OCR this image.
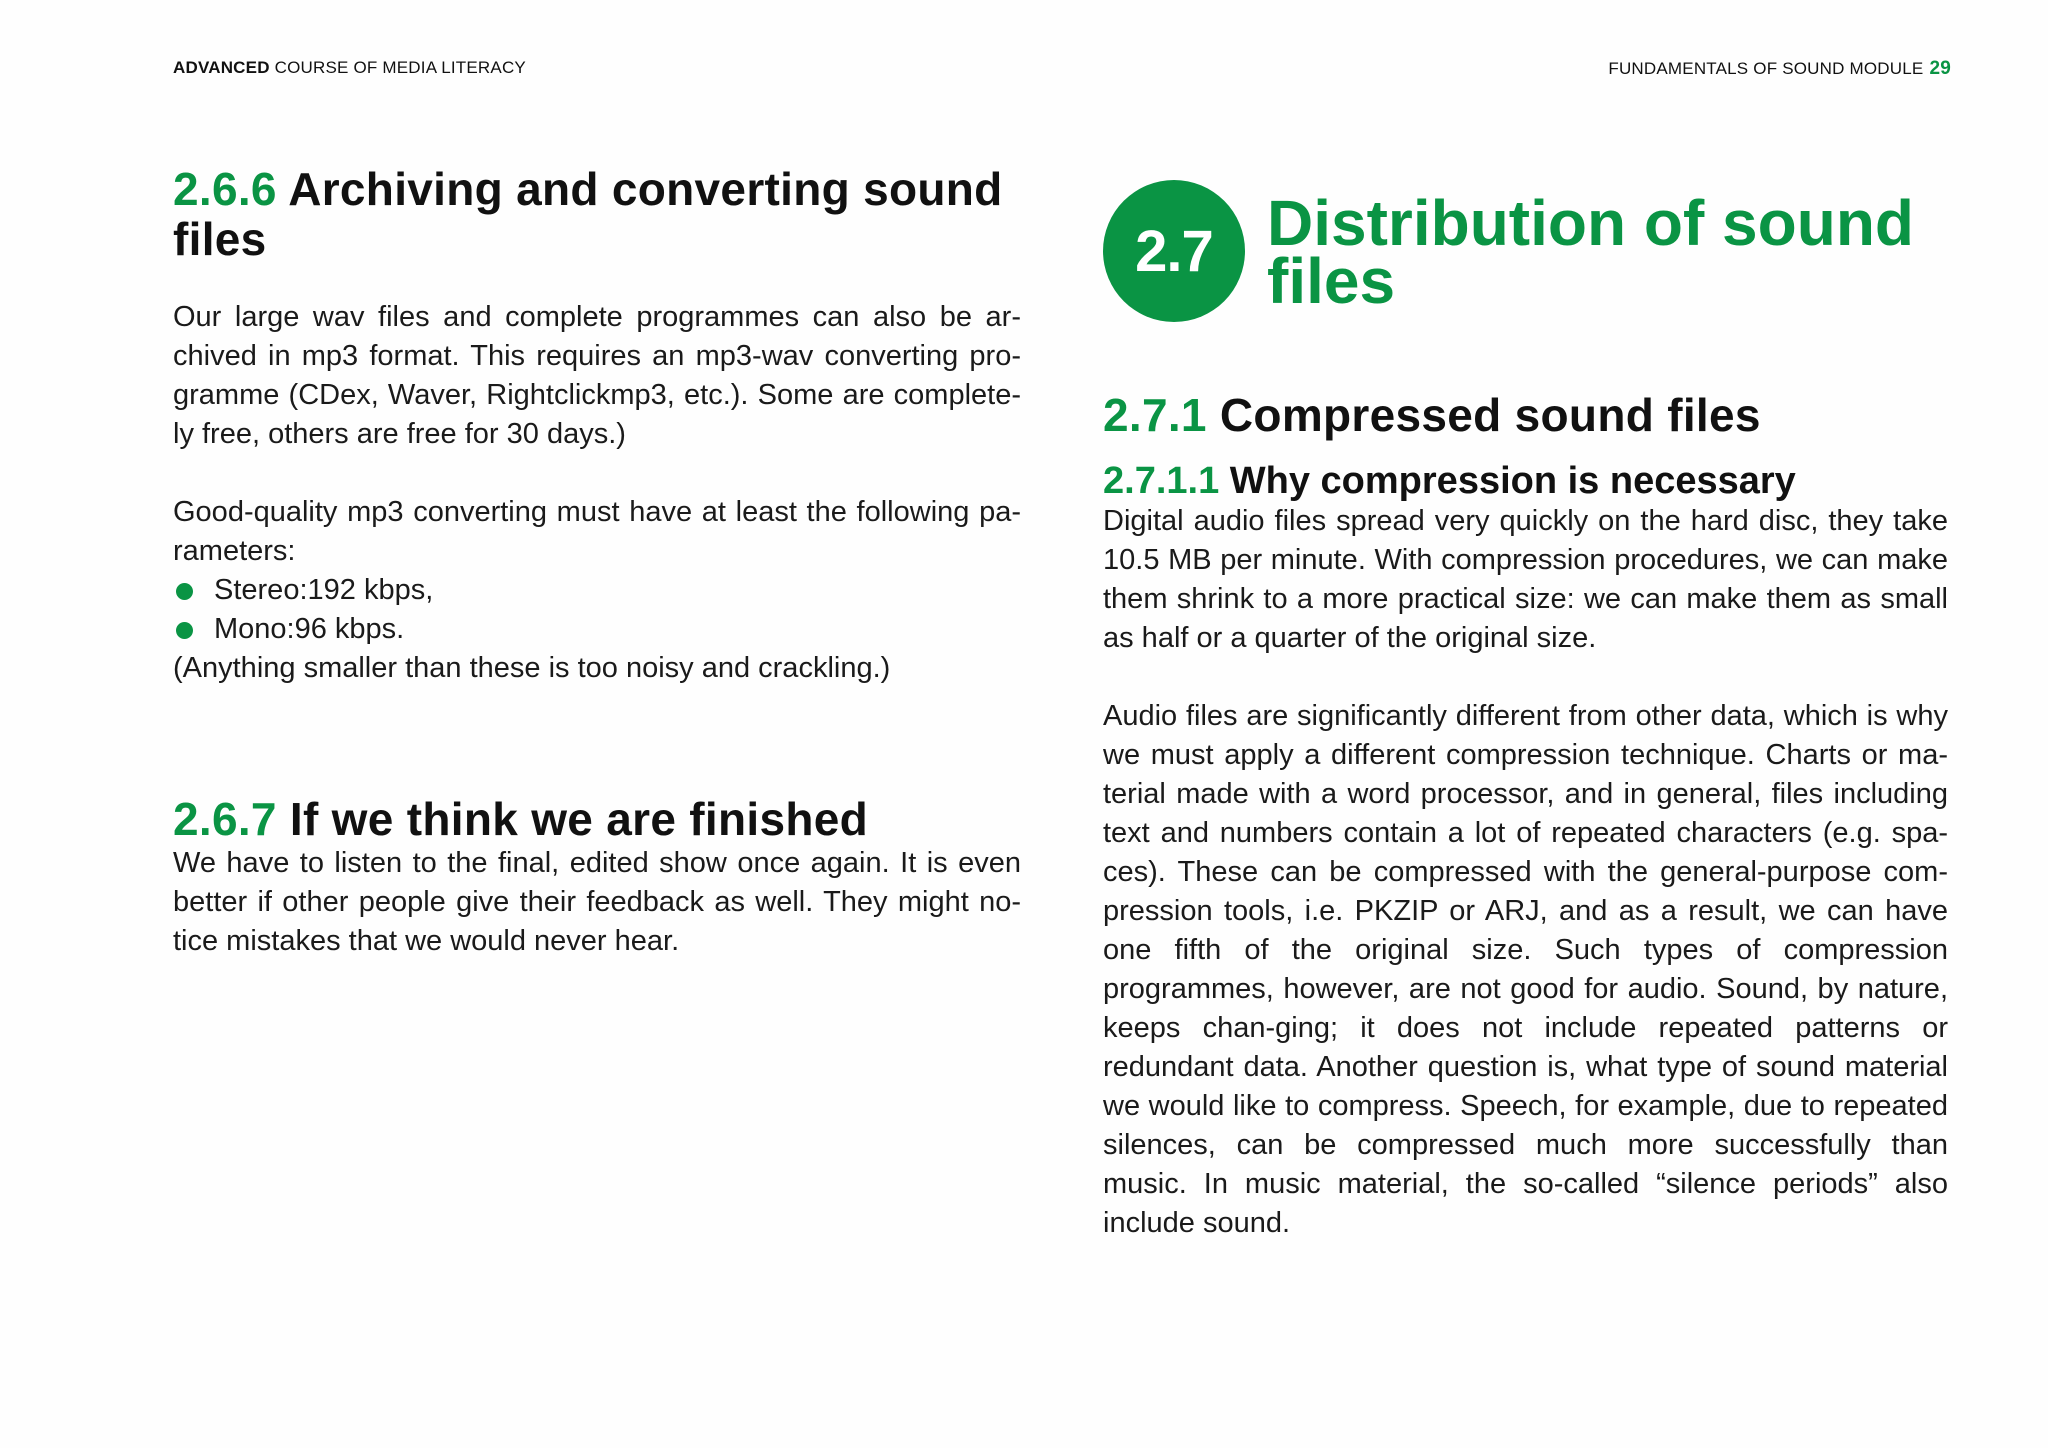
ADVANCED COURSE OF MEDIA LITERACY	FUNDAMENTALS OF SOUND MODULE 29
2.6.6 Archiving and converting sound files

Our large wav files and complete programmes can also be ar-chived in mp3 format. This requires an mp3-wav converting pro-gramme (CDex, Waver, Rightclickmp3, etc.). Some are complete-ly free, others are free for 30 days.)

Good-quality mp3 converting must have at least the following pa-rameters:

Stereo:192 kbps,
Mono:96 kbps.

(Anything smaller than these is too noisy and crackling.)

2.6.7 If we think we are finished

We have to listen to the final, edited show once again. It is even better if other people give their feedback as well. They might no-tice mistakes that we would never hear.

2.7 Distribution of sound files
2.7.1 Compressed sound files
2.7.1.1 Why compression is necessary

Digital audio files spread very quickly on the hard disc, they take 10.5 MB per minute. With compression procedures, we can make them shrink to a more practical size: we can make them as small as half or a quarter of the original size.

Audio files are significantly different from other data, which is why we must apply a different compression technique. Charts or ma-terial made with a word processor, and in general, files including text and numbers contain a lot of repeated characters (e.g. spa-ces). These can be compressed with the general-purpose com-pression tools, i.e. PKZIP or ARJ, and as a result, we can have one fifth of the original size. Such types of compression programmes, however, are not good for audio. Sound, by nature, keeps chan-ging; it does not include repeated patterns or redundant data. Another question is, what type of sound material we would like to compress. Speech, for example, due to repeated silences, can be compressed much more successfully than music. In music material, the so-called “silence periods” also include sound.
